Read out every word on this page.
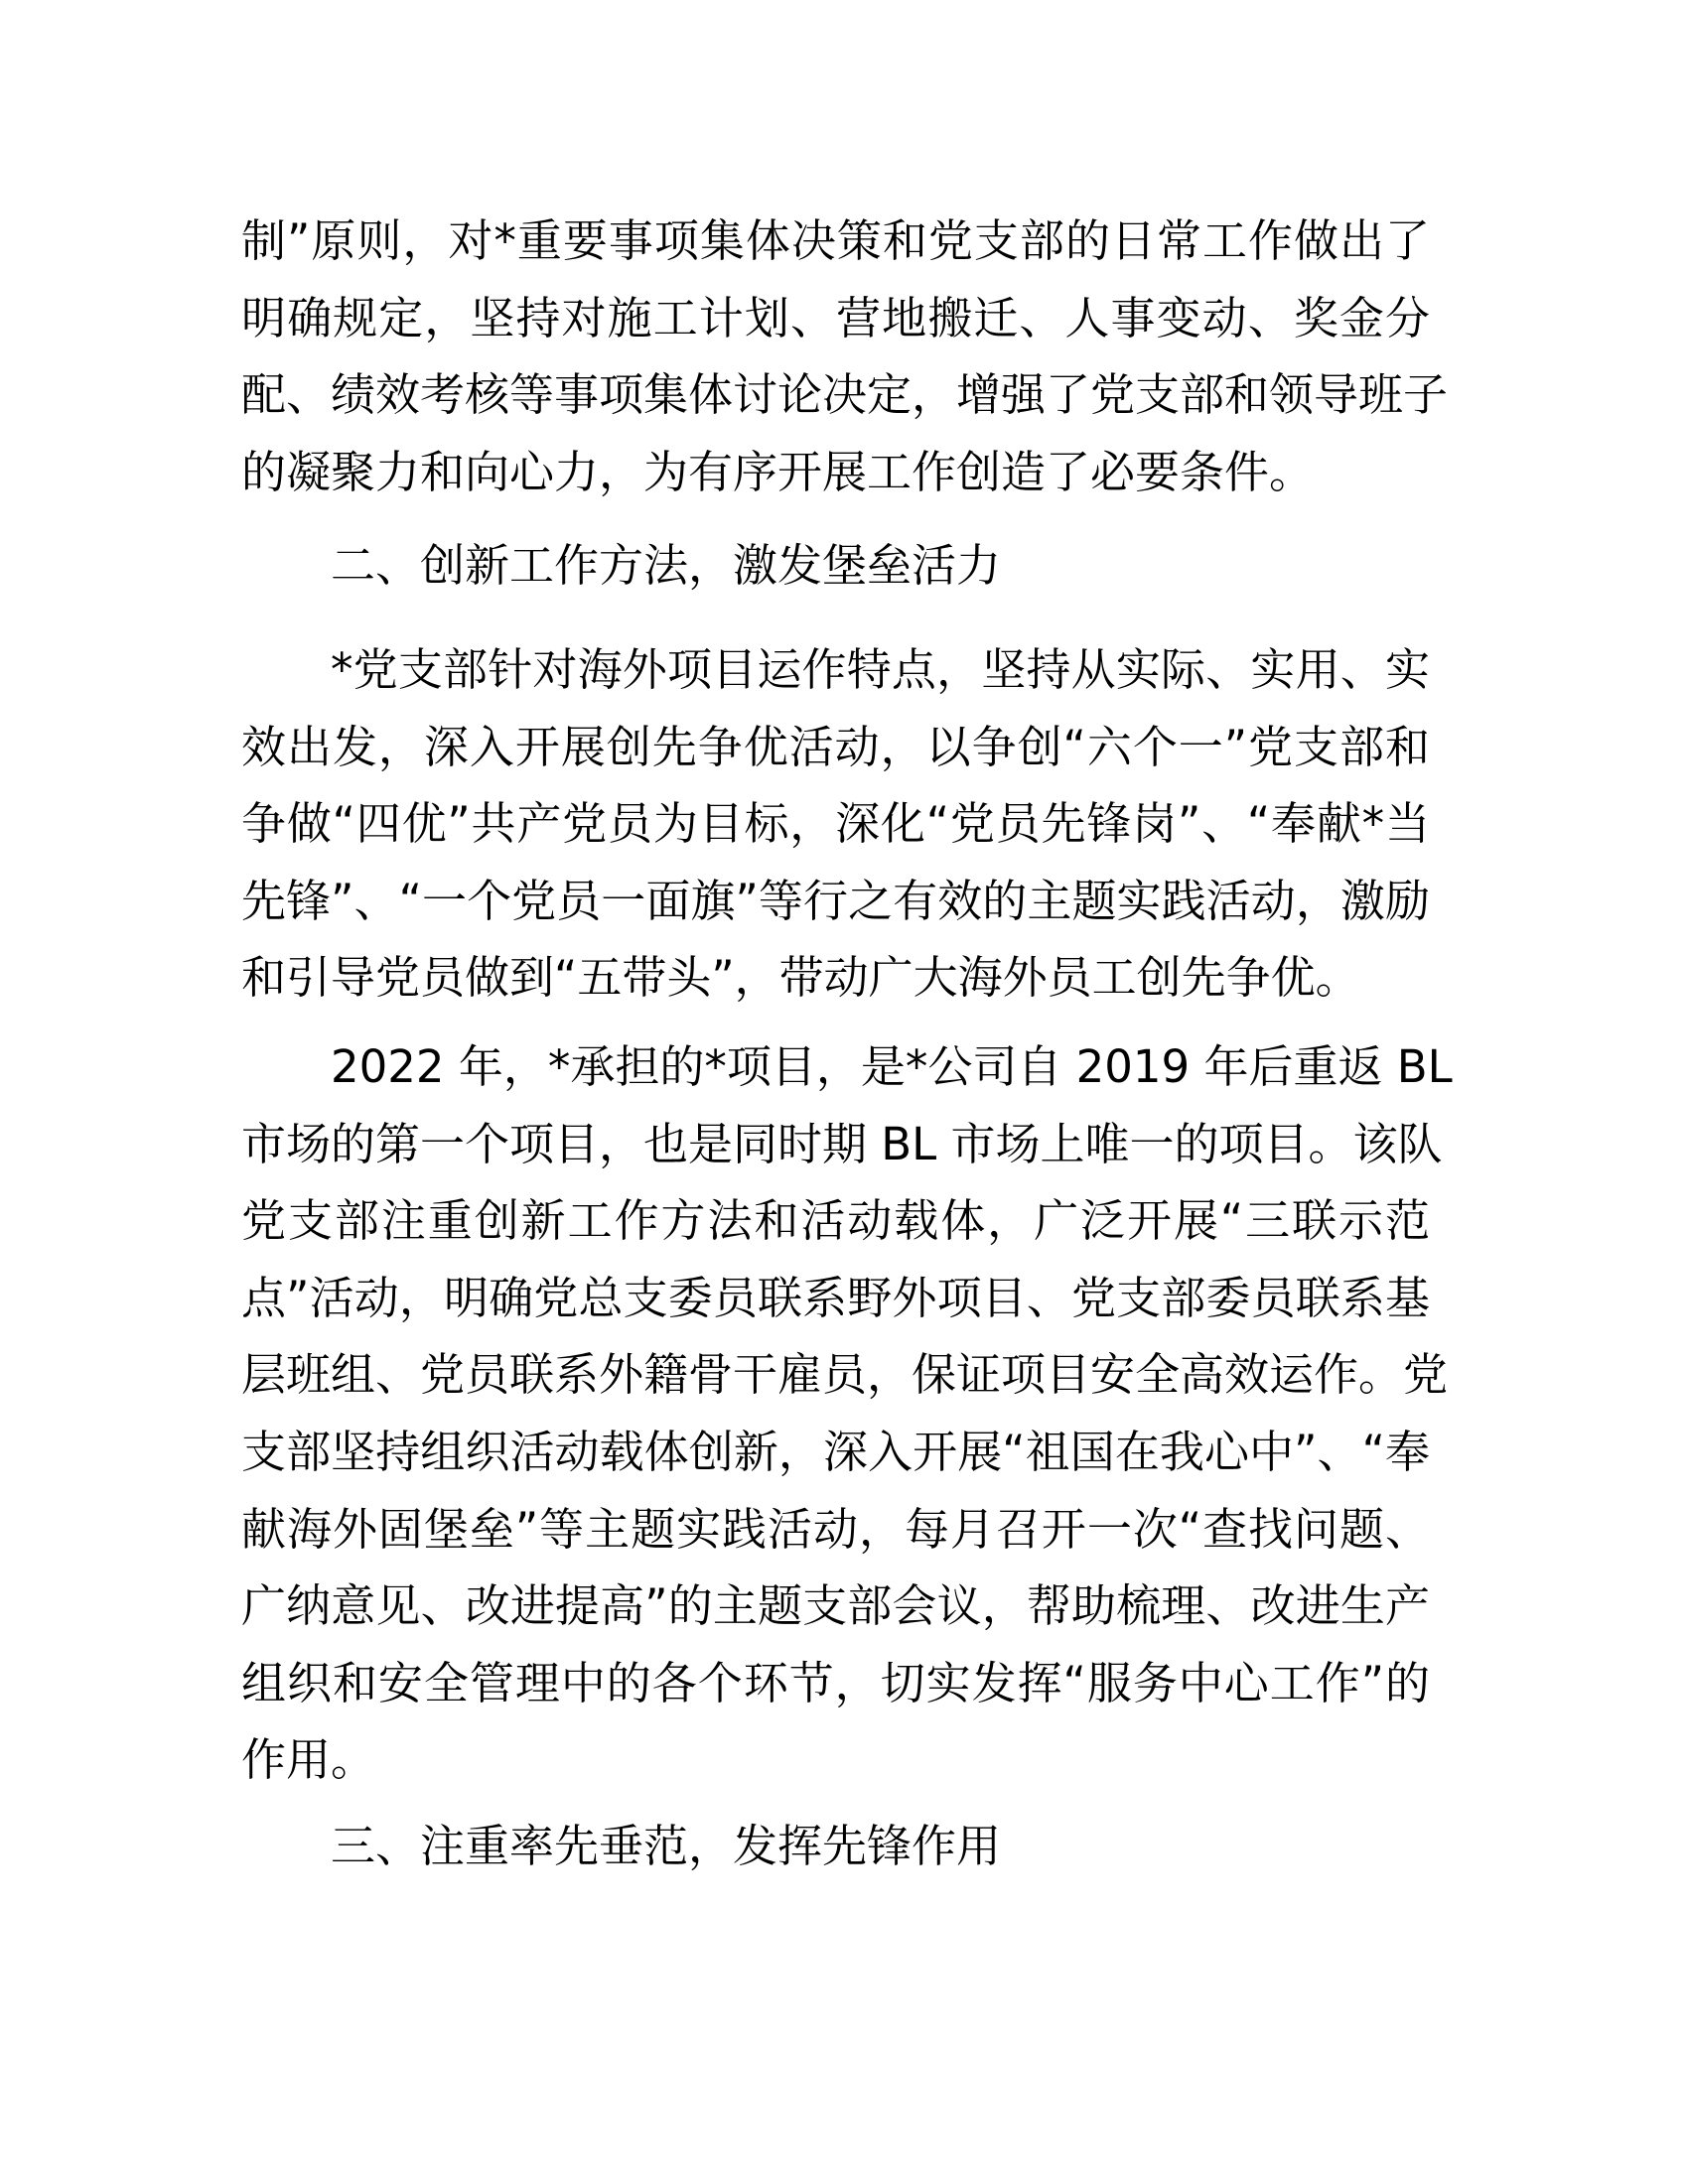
制”原则，对*重要事项集体决策和党支部的日常工作做出了
明确规定，坚持对施工计划、营地搬迁、人事变动、奖金分
配、绩效考核等事项集体讨论决定，增强了党支部和领导班子
的凝聚力和向心力，为有序开展工作创造了必要条件。
二、创新工作方法，激发堡垒活力
*党支部针对海外项目运作特点，坚持从实际、实用、实
效出发，深入开展创先争优活动，以争创“六个一”党支部和
争做“四优”共产党员为目标，深化“党员先锋岗”、“奉献*当
先锋”、“一个党员一面旗”等行之有效的主题实践活动，激励
和引导党员做到“五带头”，带动广大海外员工创先争优。
2022 年，*承担的*项目，是*公司自 2019 年后重返 BL
市场的第一个项目，也是同时期 BL 市场上唯一的项目。该队
党支部注重创新工作方法和活动载体，广泛开展“三联示范
点”活动，明确党总支委员联系野外项目、党支部委员联系基
层班组、党员联系外籍骨干雇员，保证项目安全高效运作。党
支部坚持组织活动载体创新，深入开展“祖国在我心中”、“奉
献海外固堡垒”等主题实践活动，每月召开一次“查找问题、
广纳意见、改进提高”的主题支部会议，帮助梳理、改进生产
组织和安全管理中的各个环节，切实发挥“服务中心工作”的
作用。
三、注重率先垂范，发挥先锋作用
